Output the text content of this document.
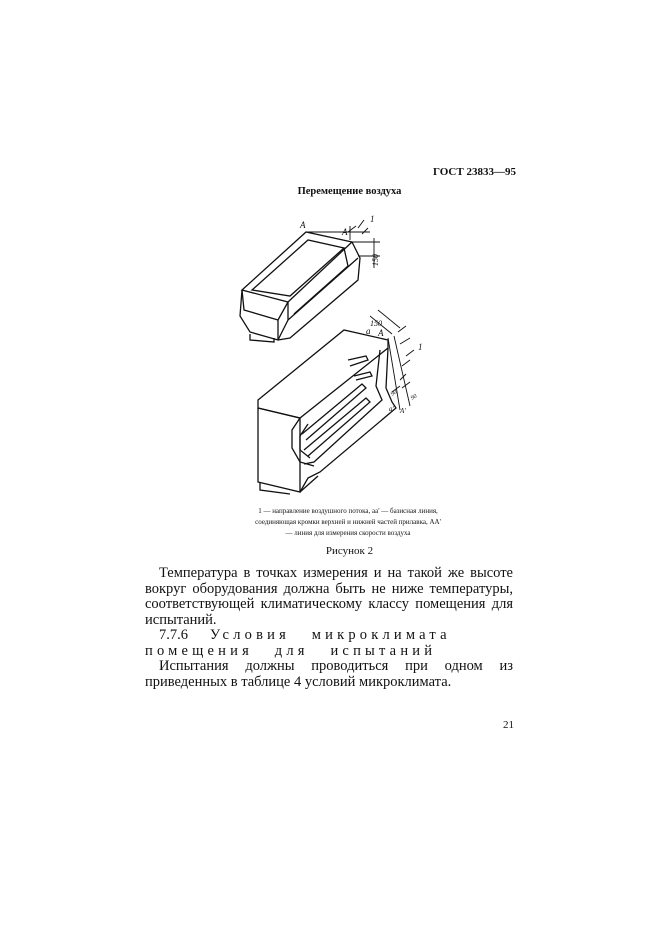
ГОСТ 23833—95
Перемещение воздуха
A
A
1
150
150
a A
1
a' A'
90 90
1 — направление воздушного потока, аа' — базисная линия, соединяющая кромки верхней и нижней частей прилавка, АА' — линия для измерения скорости воздуха
Рисунок 2
Температура в точках измерения и на такой же высоте вокруг оборудования должна быть не ниже температуры, соответствующей климатическому классу помещения для испытаний.
7.7.6 Условия микроклимата помещения для испытаний
Испытания должны проводиться при одном из приведенных в таблице 4 условий микроклимата.
21
